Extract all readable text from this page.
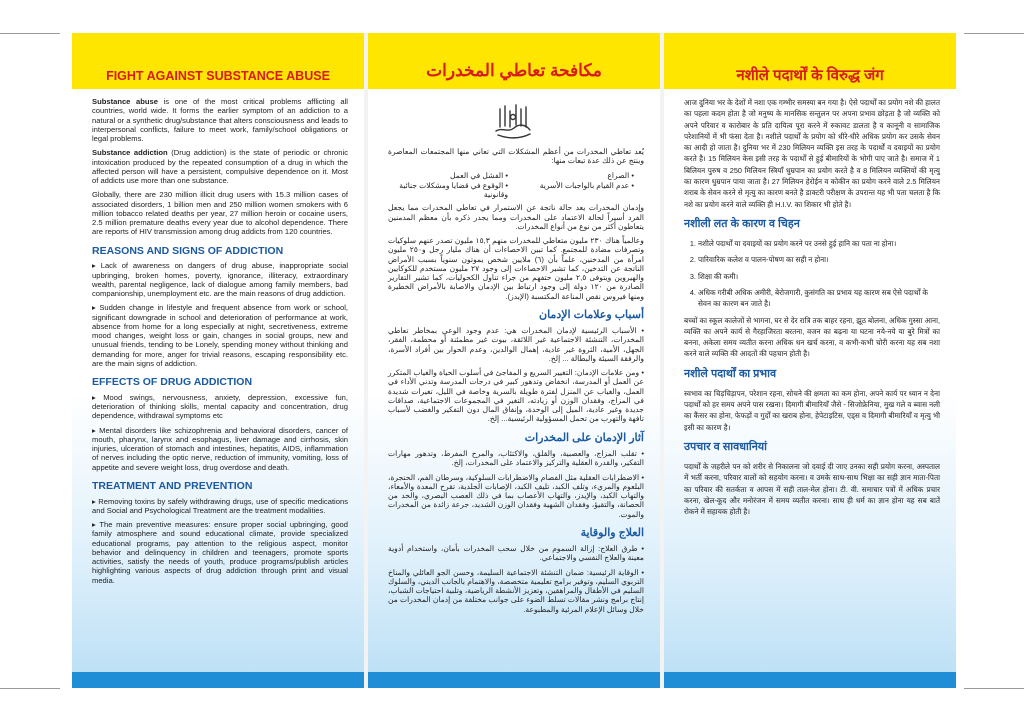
FIGHT AGAINST SUBSTANCE ABUSE

Substance abuse is one of the most critical problems afflicting all countries, world wide. It forms the earlier symptom of an addiction to a natural or a synthetic drug/substance that alters consciousness and leads to interpersonal conflicts, failure to meet work, family/school obligations or legal problems.

Substance addiction (Drug addiction) is the state of periodic or chronic intoxication produced by the repeated consumption of a drug in which the affected person will have a persistent, compulsive dependence on it. Most of addicts use more than one substance.

Globally, there are 230 million illicit drug users with 15.3 million cases of associated disorders, 1 billion men and 250 million women smokers with 6 million tobacco related deaths per year, 27 million heroin or cocaine users, 2.5 million premature deaths every year due to alcohol dependence. There are reports of HIV transmission among drug addicts from 120 countries.

REASONS AND SIGNS OF ADDICTION

▸ Lack of awareness on dangers of drug abuse, inappropriate social upbringing, broken homes, poverty, ignorance, illiteracy, extraordinary wealth, parental negligence, lack of dialogue among family members, bad companionship, unemployment etc. are the main reasons of drug addiction.

▸ Sudden change in lifestyle and frequent absence from work or school, significant downgrade in school and deterioration of performance at work, absence from home for a long especially at night, secretiveness, extreme mood changes, weight loss or gain, changes in social groups, new and unusual friends, tending to be Lonely, spending money without thinking and demanding for more, anger for trivial reasons, escaping responsibility etc. are the main signs of addiction.

EFFECTS OF DRUG ADDICTION

▸ Mood swings, nervousness, anxiety, depression, excessive fun, deterioration of thinking skills, mental capacity and concentration, drug dependence, withdrawal symptoms etc

▸ Mental disorders like schizophrenia and behavioral disorders, cancer of mouth, pharynx, larynx and esophagus, liver damage and cirrhosis, skin injuries, ulceration of stomach and intestines, hepatitis, AIDS, inflammation of nerves including the optic nerve, reduction of immunity, vomiting, loss of appetite and severe weight loss, drug overdose and death.

TREATMENT AND PREVENTION

▸ Removing toxins by safely withdrawing drugs, use of specific medications and Social and Psychological Treatment are the treatment modalities.

▸ The main preventive measures: ensure proper social upbringing, good family atmosphere and sound educational climate, provide specialized educational programs, pay attention to the religious aspect, monitor behavior and delinquency in children and teenagers, promote sports activities, satisfy the needs of youth, produce programs/publish articles highlighting various aspects of drug addiction through print and visual media.

مكافحة تعاطي المخدرات

يُعد تعاطي المخدرات من أعظم المشكلات التي تعاني منها المجتمعات المعاصرة وينتج عن ذلك عدة تبعات منها:

• الصراع
• الفشل في العمل
• عدم القيام بالواجبات الأسرية
• الوقوع في قضايا ومشكلات جنائية وقانونية

وإدمان المخدرات يعد حالة ناتجة عن الاستمرار في تعاطي المخدرات مما يجعل الفرد أسيراً لحالة الاعتماد على المخدرات ومما يجدر ذكره بأن معظم المدمنين يتعاطون أكثر من نوع من أنواع المخدرات.

وعالمياً هناك ٢٣٠ مليون متعاطي للمخدرات منهم ١٥,٣ مليون تصدر عنهم سلوكيات وتصرفات مضادة للمجتمع. كما تبين الاحصاءات أن هناك مليار رجل و٢٥٠ مليون امرأة من المدخنين، علماً بأن (٦) ملايين شخص يموتون سنوياً بسبب الأمراض الناتجة عن التدخين، كما تشير الاحصاءات إلى وجود ٢٧ مليون مستخدم للكوكايين والهيروين ويتوفى ٢,٥ مليون حتفهم من جراء تناول الكحوليات، كما تشير التقارير الصادرة من ١٢٠ دولة إلى وجود ارتباط بين الإدمان والاصابة بالأمراض الخطيرة ومنها فيروس نقص المناعة المكتسبة (الإيدز).

أسباب وعلامات الإدمان

• الأسباب الرئيسية لإدمان المخدرات هي: عدم وجود الوعي بمخاطر تعاطي المخدرات، التنشئة الاجتماعية غير اللائقة، بيوت غير مطمئنة أو محطمة، الفقر، الجهل، الأمية، الثروة غير عادية، إهمال الوالدين، وعدم الحوار بين أفراد الأسرة، والرفقة السيئة والبطالة ... إلخ.

• ومن علامات الإدمان: التغيير السريع و المفاجئ في أسلوب الحياة والغياب المتكرر عن العمل أو المدرسة، انخفاض وتدهور كبير في درجات المدرسة وتدني الأداء في العمل، والغياب عن المنزل لفترة طويلة بالسرية وخاصة في الليل، تغيرات شديدة في المزاج، وفقدان الوزن أو زيادته، التغير في المجموعات الاجتماعية، صداقات جديدة وغير عادية، الميل إلى الوحدة، وإنفاق المال دون التفكير والغضب لأسباب تافهة والتهرب من تحمل المسؤولية الرئيسية... إلخ.

آثار الإدمان على المخدرات

• تقلب المزاج، والعصبية، والقلق، والاكتئاب، والمرح المفرط، وتدهور مهارات التفكير، والقدرة العقلية والتركيز والاعتماد على المخدرات، إلخ.

• الاضطرابات العقلية مثل الفصام والاضطرابات السلوكية، وسرطان الفم، الحنجرة، البلعوم والمريء، وتلف الكبد، تليف الكبد، الإصابات الجلدية، تقرح المعدة والأمعاء، والتهاب الكبد، والإيدز، والتهاب الأعصاب بما في ذلك العصب البصري، والحد من الحصانة، والتقيؤ، وفقدان الشهية وفقدان الوزن الشديد، جرعة زائدة من المخدرات والموت.

العلاج والوقاية

• طرق العلاج: إزالة السموم من خلال سحب المخدرات بأمان، واستخدام أدوية معينة والعلاج النفسي والاجتماعي.

• الوقاية الرئيسية: ضمان التنشئة الاجتماعية السليمة، وحسن الجو العائلي والمناخ التربوي السليم، وتوفير برامج تعليمية متخصصة، والاهتمام بالجانب الديني، والسلوك السليم في الأطفال والمراهقين، وتعزيز الأنشطة الرياضية، وتلبية احتياجات الشباب، إنتاج برامج ونشر مقالات تسلط الضوء على جوانب مختلفة من إدمان المخدرات من خلال وسائل الإعلام المرئية والمطبوعة.

नशीले पदार्थों के विरुद्ध जंग

आज दुनिया भर के देशों में नशा एक गम्भीर समस्या बन गया है। ऐसे पदार्थों का प्रयोग नशे की हालत का पहला कदम होता है जो मनुष्य के मानसिक सन्तुलन पर अपना प्रभाव छोड़ता है जो व्यक्ति को अपने परिवार व कारोबार के प्रति दायित्व पूरा करने में रुकावट डालता है व कानूनी व सामाजिक परेशानियों में भी फंसा देता है। नशीले पदार्थों के प्रयोग को धीरे-धीरे अधिक प्रयोग कर उसके सेवन का आदी हो जाता है। दुनिया भर में 230 मिलियन व्यक्ति इस तरह के पदार्थों व दवाइयों का प्रयोग करते है। 15 मिलियन केस इसी तरह के पदार्थों से हुई बीमारियों के भोगी पाए जाते है। समाज में 1 बिलियन पुरुष व 250 मिलियन स्त्रियाँ धुम्रपान का प्रयोग करते है व 8 मिलियन व्यक्तियों की मृत्यु का कारण धुम्रपान पाया जाता है। 27 मिलियन हेरोईन व कोकीन का प्रयोग करने वाले 2.5 मिलियन शराब के सेवन करने से मृत्यु का कारण बनते है डाक्टरी परीक्षण के उपरान्त यह भी पता चलता है कि नशे का प्रयोग करने वाले व्यक्ति ही H.I.V. का शिकार भी होते है।

नशीली लत के कारण व चिहन
1. नशीले पदार्थों या दवाइयों का प्रयोग करने पर उनसे हुई हानि का पता ना होना।
2. पारिवारिक कलेश व पालन-पोषण का सही न होना।
3. शिक्षा की कमी।
4. अधिक गरीबी अधिक अमीरी, बेरोजगारी, कुसंगति का प्रभाव यह कारण सब ऐसे पदार्थों के सेवन का कारण बन जाते है।

बच्चों का स्कूल कालेजों से भागना, घर से देर रात्रि तक बाहर रहना, झूठ बोलना, अधिक गुस्सा आना, व्यक्ति का अपने कार्य से गैरहाजिरता बरतना, वजन का बढ़ना या घटना नये-नये या बुरे मित्रों का बनना, अकेला समय व्यतीत करना अधिक धन खर्च करना, व कभी-कभी चोरी करना यह सब नशा करने वाले व्यक्ति की आदतों की पहचान होती है।

नशीले पदार्थों का प्रभाव

स्वभाव का चिड़चिड़ापन, परेशान रहना, सोचने की क्षमता का कम होना, अपने कार्य पर ध्यान न देना पदार्थों को हर समय अपने पास रखना। दिमागी बीमारियाँ जैसे - सिजोफ्रेनिया, मुख गले व ब्वास नली का कैंसर का होना, फेफड़ों व गुर्दों का खराब होना, हेपेटाइटिस, एड्स व दिमागी बीमारियाँ व मृत्यु भी इसी का कारण है।

उपचार व सावधानियां

पदार्थों के जहरीले पन को शरीर से निकालना जो दवाई दी जाए उनका सही प्रयोग करना, अस्पताल में भर्ती करना, परिवार वालों को सहयोग करना। व उमके साथ-साथ भिक्षा का सही ज्ञान माता-पिता का परिवार की सतर्कता व आपस में सही ताल-मेल होना। टी. वी. समाचार पत्रों में अधिक प्रचार करना, खेल-कूद और मनोरंजन में समय व्यतीत करना। साथ ही धर्म का ज्ञान होना यह सब बातें रोकने में सहायक होती है।
